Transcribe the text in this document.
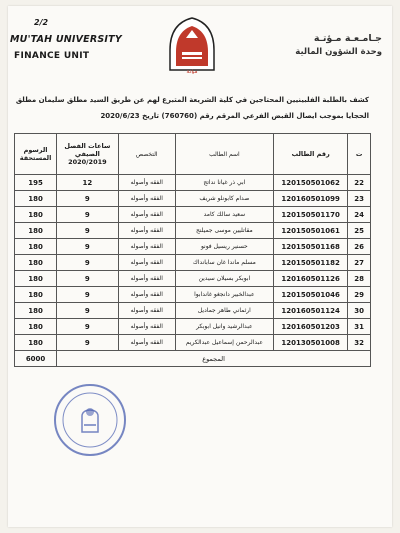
2/2
MU'TAH UNIVERSITY
FINANCE UNIT
جـامـعـة مـؤتـة
وحدة الشؤون المالية
مؤتة
كشف بالطلبة الفلبينيين المحتاجين في كلية الشريعة المتبرع لهم عن طريق السيد مطلق سليمان مطلق
الحجايا بموجب ايصال القبض الفرعي المرقم رقم (760760) تاريخ 2020/6/23
ت	رقم الطالب	اسم الطالب	التخصص	ساعات الفصل الصيفي 2020/2019	الرسوم المستحقة
22	120150501062	ابي ذر غيانا نداتج	الفقه وأصوله	12	195
23	120160501099	صدام كابونلو شريف	الفقه وأصوله	9	180
24	120150501170	سعيد سالك كامد	الفقه وأصوله	9	180
25	120150501061	مقاتليين موسى جميلنج	الفقه وأصوله	9	180
26	120150501168	حسنير ريسيل فونو	الفقه وأصوله	9	180
27	120150501182	مسلم ماندا غان سابانداك	الفقه وأصوله	9	180
28	120160501126	ابوبكر بسيلان سيدين	الفقه وأصوله	9	180
29	120150501046	عبدالخبير دانجغو غاندابوا	الفقه وأصوله	9	180
30	120160501124	ارثماني طاهر جماديل	الفقه وأصوله	9	180
31	120160501203	عبدالرشيد وانيل ابوبكر	الفقه وأصوله	9	180
32	120130501008	عبدالرحمن إسماعيل عبدالكريم	الفقه وأصوله	9	180
المجموع					6000
